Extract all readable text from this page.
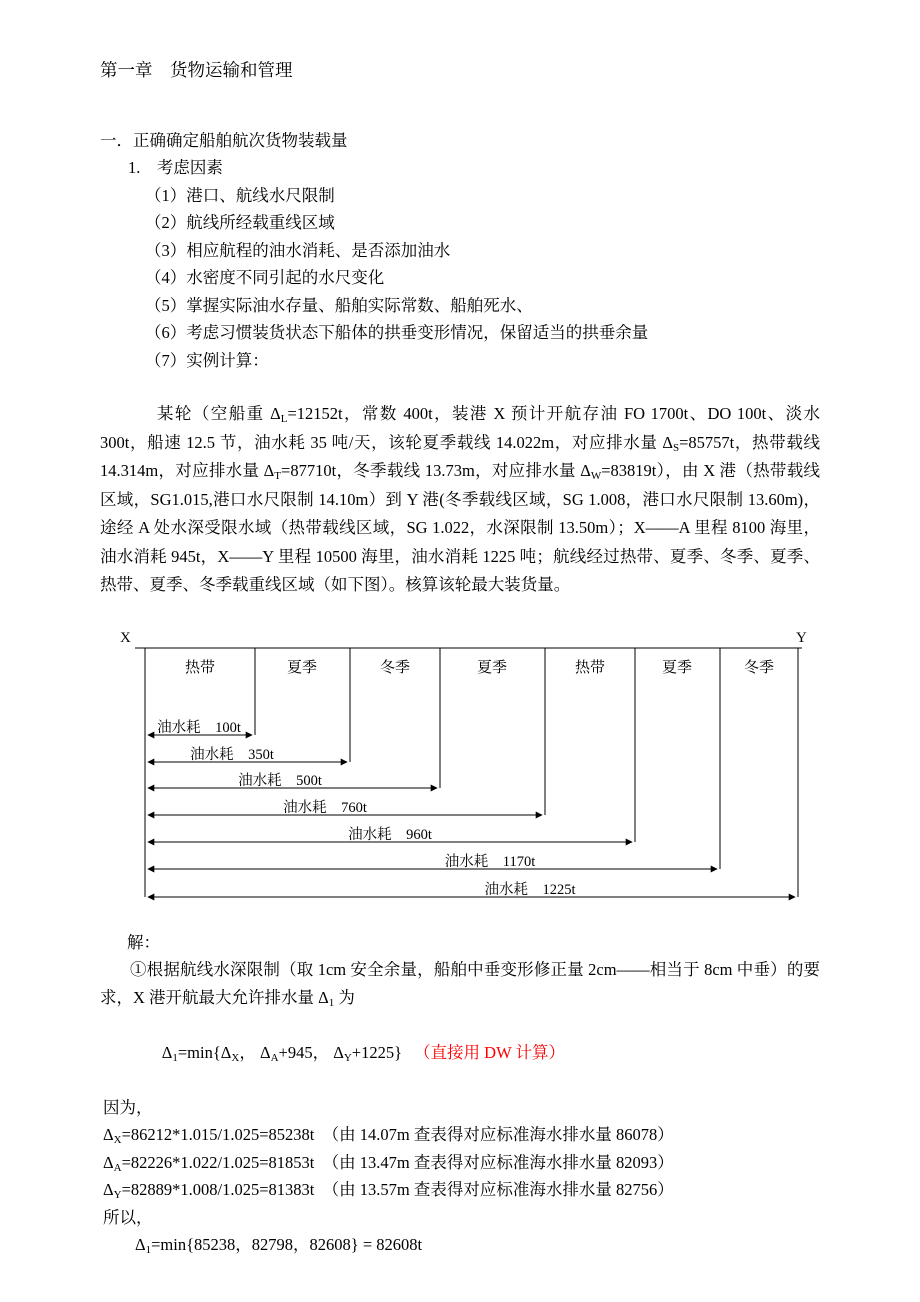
第一章　货物运输和管理
一．正确确定船舶航次货物装载量
1.　考虑因素
（1）港口、航线水尺限制
（2）航线所经载重线区域
（3）相应航程的油水消耗、是否添加油水
（4）水密度不同引起的水尺变化
（5）掌握实际油水存量、船舶实际常数、船舶死水、
（6）考虑习惯装货状态下船体的拱垂变形情况，保留适当的拱垂余量
（7）实例计算：

某轮（空船重 $\Delta_L=12152t$，常数 400t，装港 X 预计开航存油 FO 1700t、DO 100t、淡水 300t，船速 12.5 节，油水耗 35 吨/天，该轮夏季载线 14.022m，对应排水量 $\Delta_S=85757t$，热带载线 14.314m，对应排水量 $\Delta_T=87710t$，冬季载线 13.73m，对应排水量 $\Delta_W=83819t$），由 X 港（热带载线区域，SG1.015,港口水尺限制 14.10m）到 Y 港(冬季载线区域，SG 1.008，港口水尺限制 13.60m)，途经 A 处水深受限水域（热带载线区域，SG 1.022，水深限制 13.50m）；X——A 里程 8100 海里，油水消耗 945t，X——Y 里程 10500 海里，油水消耗 1225 吨；航线经过热带、夏季、冬季、夏季、热带、夏季、冬季载重线区域（如下图）。核算该轮最大装货量。

X	Y
热带	夏季	冬季	夏季	热带	夏季	冬季
油水耗　100t
油水耗　350t
油水耗　500t
油水耗　760t
油水耗　960t
油水耗　1170t
油水耗　1225t
解：

①根据航线水深限制（取 1cm 安全余量，船舶中垂变形修正量 2cm——相当于 8cm 中垂）的要求，X 港开航最大允许排水量 $\Delta_1$ 为

$\Delta_1=\min\{\Delta_X$， $\Delta_A+945$， $\Delta_Y+1225$} （直接用 DW 计算）

因为，
$\Delta_X=86212*1.015/1.025=85238t$　（由 14.07m 查表得对应标准海水排水量 86078）
$\Delta_A=82226*1.022/1.025=81853t$　（由 13.47m 查表得对应标准海水排水量 82093）
$\Delta_Y=82889*1.008/1.025=81383t$　（由 13.57m 查表得对应标准海水排水量 82756）
所以，
$\Delta_1=\min\{85238$，82798，82608} = 82608t
